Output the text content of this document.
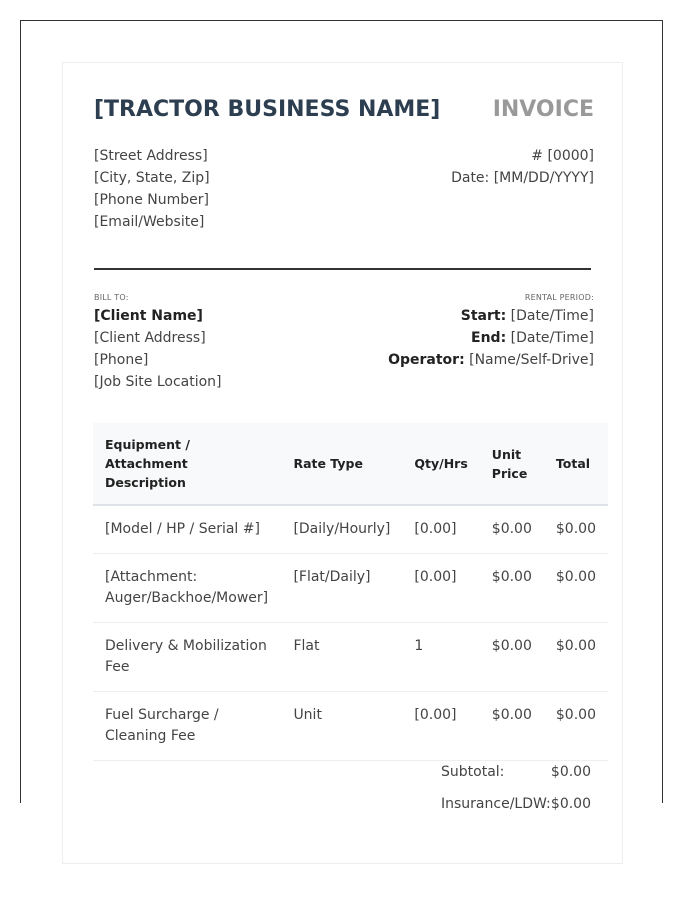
[TRACTOR BUSINESS NAME] INVOICE
[Street Address]
[City, State, Zip]
[Phone Number]
[Email/Website]
# [0000]
Date: [MM/DD/YYYY]
BILL TO:
[Client Name]
[Client Address]
[Phone]
[Job Site Location]
RENTAL PERIOD:
Start: [Date/Time]
End: [Date/Time]
Operator: [Name/Self-Drive]
Equipment / Attachment Description	Rate Type	Qty/Hrs	Unit Price	Total
[Model / HP / Serial #]	[Daily/Hourly]	[0.00]	$0.00	$0.00
[Attachment: Auger/Backhoe/Mower]	[Flat/Daily]	[0.00]	$0.00	$0.00
Delivery & Mobilization Fee	Flat	1	$0.00	$0.00
Fuel Surcharge / Cleaning Fee	Unit	[0.00]	$0.00	$0.00
Subtotal:	$0.00
Insurance/LDW: $0.00
